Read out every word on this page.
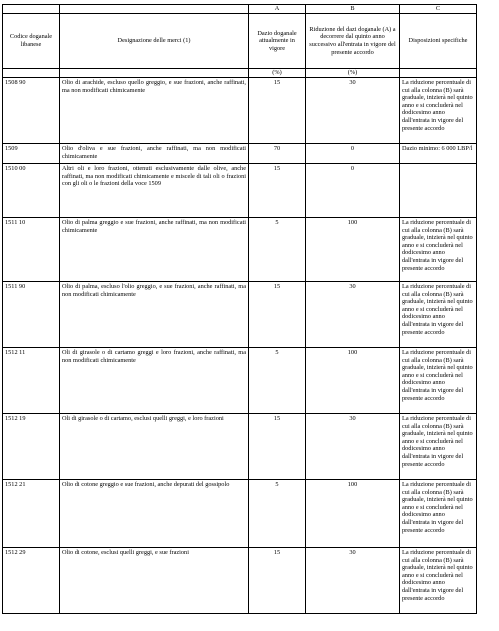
		A	B	C
Codice doganale libanese	Designazione delle merci (1)	Dazio doganale attualmente in vigore	Riduzione del dazi doganale (A) a decorrere dal quinto anno successivo all'entrata in vigore del presente accordo	Disposizioni specifiche
		(%)	(%)	
1508 90	Olio di arachide, escluso quello greggio, e sue frazioni, anche raffinati, ma non modificati chimicamente	15	30	La riduzione percentuale di cui alla colonna (B) sarà graduale, inizierà nel quinto anno e si concluderà nel dodicesimo anno dall'entrata in vigore del presente accordo
1509	Olio d'oliva e sue frazioni, anche raffinati, ma non modificati chimicamente	70	0	Dazio minimo: 6 000 LBP/l
1510 00	Altri oli e loro frazioni, ottenuti esclusivamente dalle olive, anche raffinati, ma non modificati chimicamente e miscele di tali oli o frazioni con gli oli o le frazioni della voce 1509	15	0	
1511 10	Olio di palma greggio e sue frazioni, anche raffinati, ma non modificati chimicamente	5	100	La riduzione percentuale di cui alla colonna (B) sarà graduale, inizierà nel quinto anno e si concluderà nel dodicesimo anno dall'entrata in vigore del presente accordo
1511 90	Olio di palma, escluso l'olio greggio, e sue frazioni, anche raffinati, ma non modificati chimicamente	15	30	La riduzione percentuale di cui alla colonna (B) sarà graduale, inizierà nel quinto anno e si concluderà nel dodicesimo anno dall'entrata in vigore del presente accordo
1512 11	Oli di girasole o di cartamo greggi e loro frazioni, anche raffinati, ma non modificati chimicamente	5	100	La riduzione percentuale di cui alla colonna (B) sarà graduale, inizierà nel quinto anno e si concluderà nel dodicesimo anno dall'entrata in vigore del presente accordo
1512 19	Oli di girasole o di cartamo, esclusi quelli greggi, e loro frazioni	15	30	La riduzione percentuale di cui alla colonna (B) sarà graduale, inizierà nel quinto anno e si concluderà nel dodicesimo anno dall'entrata in vigore del presente accordo
1512 21	Olio di cotone greggio e sue frazioni, anche depurati del gossipolo	5	100	La riduzione percentuale di cui alla colonna (B) sarà graduale, inizierà nel quinto anno e si concluderà nel dodicesimo anno dall'entrata in vigore del presente accordo
1512 29	Olio di cotone, esclusi quelli greggi, e sue frazioni	15	30	La riduzione percentuale di cui alla colonna (B) sarà graduale, inizierà nel quinto anno e si concluderà nel dodicesimo anno dall'entrata in vigore del presente accordo
